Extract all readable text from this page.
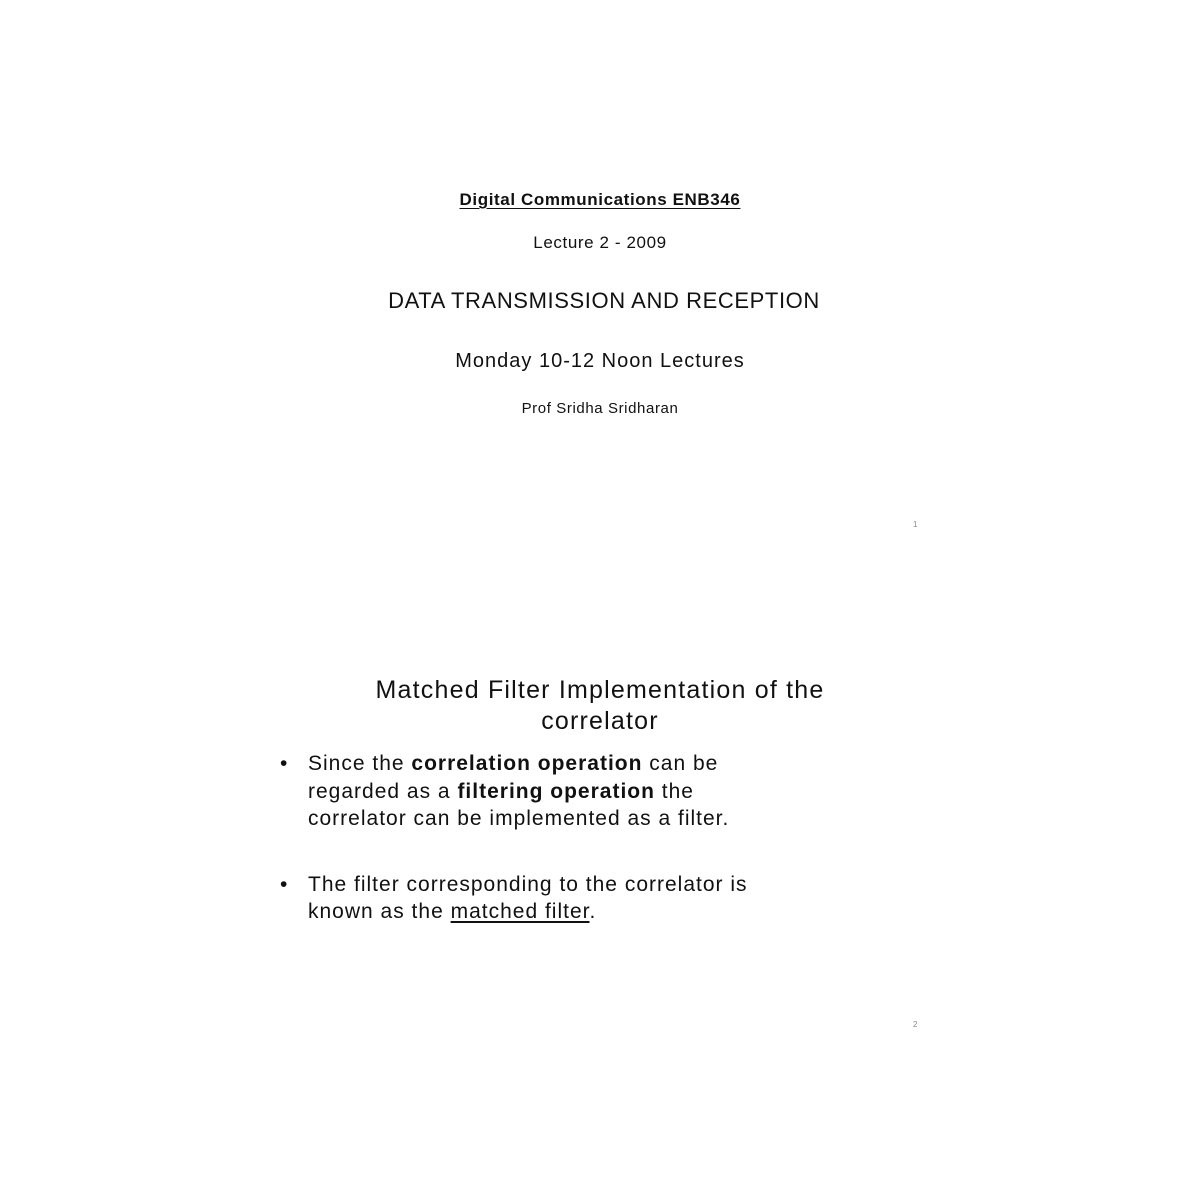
Digital Communications ENB346
Lecture 2 - 2009
DATA TRANSMISSION AND RECEPTION
Monday 10-12 Noon Lectures
Prof Sridha Sridharan
1
Matched Filter Implementation of the
correlator
• Since the correlation operation can be
regarded as a filtering operation the
correlator can be implemented as a filter.
• The filter corresponding to the correlator is
known as the matched filter.
2
